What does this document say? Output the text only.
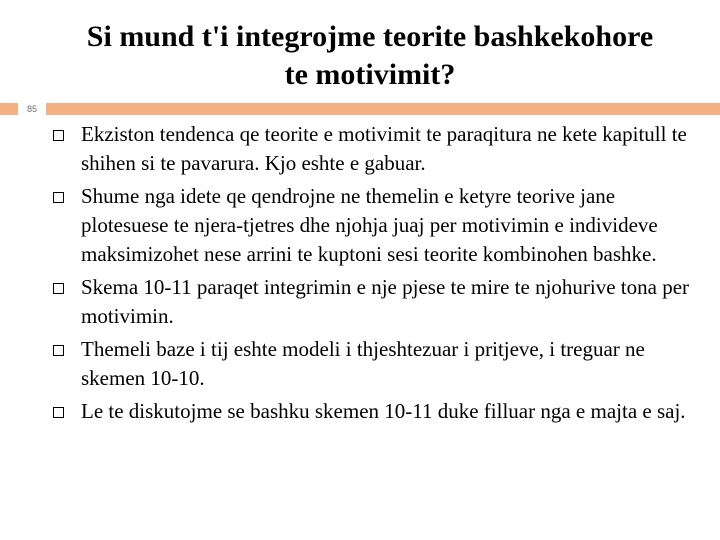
Si mund t'i integrojme teorite bashkekohore
te motivimit?
85
Ekziston tendenca qe teorite e motivimit te paraqitura ne kete kapitull te shihen si te pavarura. Kjo eshte e gabuar.
Shume nga idete qe qendrojne ne themelin e ketyre teorive jane plotesuese te njera-tjetres dhe njohja juaj per motivimin e individeve maksimizohet nese arrini te kuptoni sesi teorite kombinohen bashke.
Skema 10-11 paraqet integrimin e nje pjese te mire te njohurive tona per motivimin.
Themeli baze i tij eshte modeli i thjeshtezuar i pritjeve, i treguar ne skemen 10-10.
Le te diskutojme se bashku skemen 10-11 duke filluar nga e majta e saj.
